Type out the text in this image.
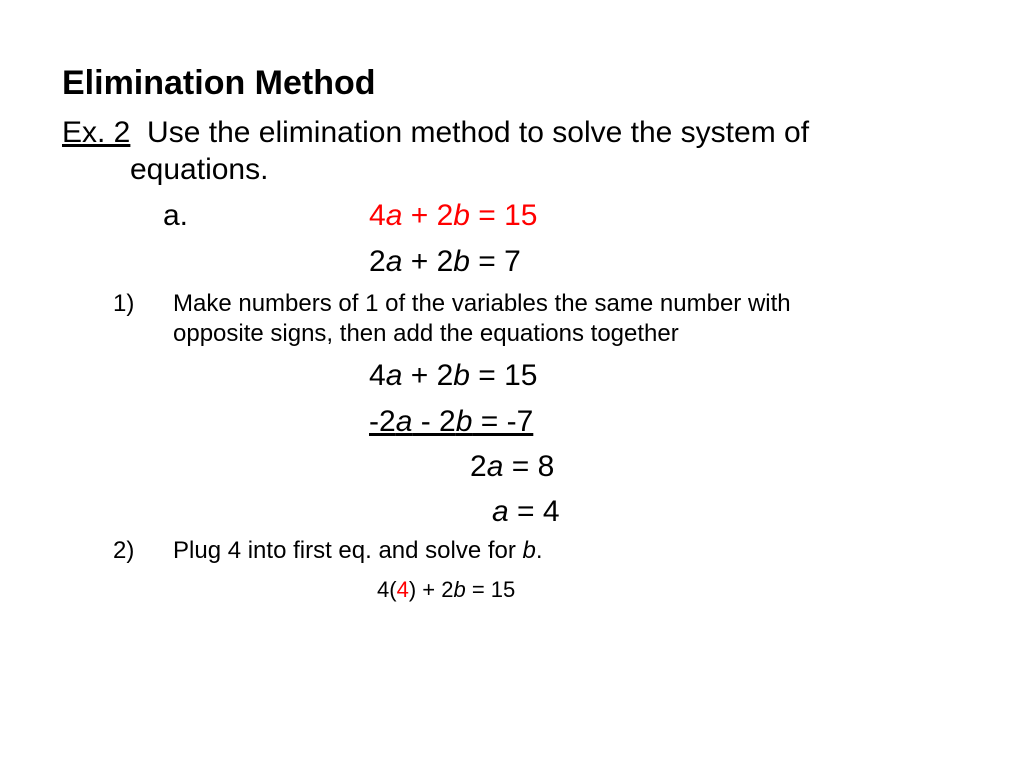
Elimination Method
Ex. 2  Use the elimination method to solve the system of
equations.
a.	4a + 2b = 15
2a + 2b = 7
1) Make numbers of 1 of the variables the same number with
opposite signs, then add the equations together
4a + 2b = 15
-2a - 2b = -7
2a = 8
a = 4
2) Plug 4 into first eq. and solve for b.
4(4) + 2b = 15
